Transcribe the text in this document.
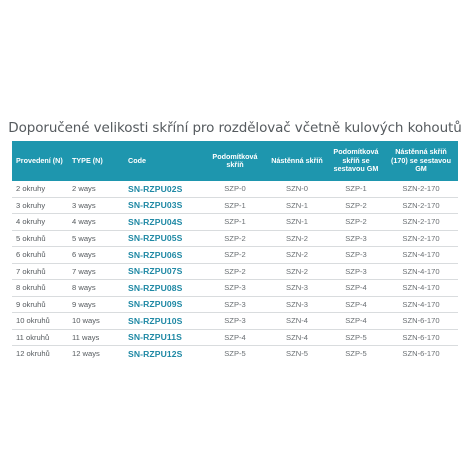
Doporučené velikosti skříní pro rozdělovač včetně kulových kohoutů
Provedení (N)	TYPE (N)	Code	Podomítková skříň	Nástěnná skříň	Podomítková skříň se sestavou GM	Nástěnná skříň (170) se sestavou GM
2 okruhy	2 ways	SN-RZPU02S	SZP-0	SZN-0	SZP-1	SZN-2-170
3 okruhy	3 ways	SN-RZPU03S	SZP-1	SZN-1	SZP-2	SZN-2-170
4 okruhy	4 ways	SN-RZPU04S	SZP-1	SZN-1	SZP-2	SZN-2-170
5 okruhů	5 ways	SN-RZPU05S	SZP-2	SZN-2	SZP-3	SZN-2-170
6 okruhů	6 ways	SN-RZPU06S	SZP-2	SZN-2	SZP-3	SZN-4-170
7 okruhů	7 ways	SN-RZPU07S	SZP-2	SZN-2	SZP-3	SZN-4-170
8 okruhů	8 ways	SN-RZPU08S	SZP-3	SZN-3	SZP-4	SZN-4-170
9 okruhů	9 ways	SN-RZPU09S	SZP-3	SZN-3	SZP-4	SZN-4-170
10 okruhů	10 ways	SN-RZPU10S	SZP-3	SZN-4	SZP-4	SZN-6-170
11 okruhů	11 ways	SN-RZPU11S	SZP-4	SZN-4	SZP-5	SZN-6-170
12 okruhů	12 ways	SN-RZPU12S	SZP-5	SZN-5	SZP-5	SZN-6-170
